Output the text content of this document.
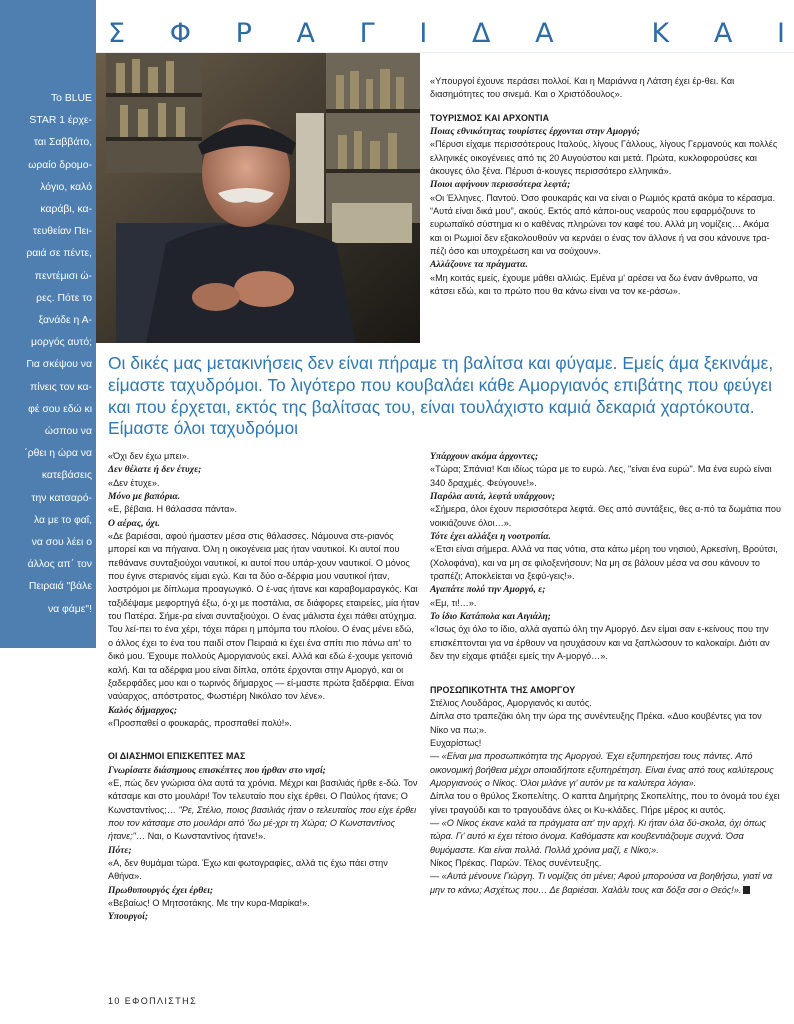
To BLUE
STAR 1 έρχε-
ται Σαββάτο,
ωραίο δρομο-
λόγιο, καλό
καράβι, κα-
τευθείαν Πει-
ραιά σε πέντε,
πεντέμισι ώ-
ρες. Πότε το
ξανάδε η Α-
μοργός αυτό;
Για σκέψου να
πίνεις τον κα-
φέ σου εδώ κι
ώσπου να
΄ρθει η ώρα να
κατεβάσεις
την κατσαρό-
λα με το φαΐ,
να σου λέει ο
άλλος απ΄ τον
Πειραιά "βάλε
να φάμε"!
Σ Φ Ρ Α Γ Ι Δ Α
	Κ Α Ι

«Υπουργοί έχουνε περάσει πολλοί. Και η Μαριάννα η Λάτση έχει έρ-θει. Και διασημότητες του σινεμά. Και ο Χριστόδουλος».

ΤΟΥΡΙΣΜΟΣ ΚΑΙ ΑΡΧΟΝΤΙΑ

Ποιας εθνικότητας τουρίστες έρχονται στην Αμοργό;

«Πέρυσι είχαμε περισσότερους Ιταλούς, λίγους Γάλλους, λίγους Γερμανούς και πολλές ελληνικές οικογένειες από τις 20 Αυγούστου και μετά. Πρώτα, κυκλοφορούσες και άκουγες όλο ξένα. Πέρυσι ά-κουγες περισσότερο ελληνικά».

Ποιοι αφήνουν περισσότερα λεφτά;

«Οι Έλληνες. Παντού. Όσο φουκαράς και να είναι ο Ρωμιός κρατά ακόμα το κέρασμα. “Αυτά είναι δικά μου”, ακούς. Εκτός από κάποι-ους νεαρούς που εφαρμόζουνε το ευρωπαϊκό σύστημα κι ο καθένας πληρώνει τον καφέ του. Αλλά μη νομίζεις… Ακόμα και οι Ρωμιοί δεν εξακολουθούν να κερνάει ο ένας τον άλλονε ή να σου κάνουνε τρα-πέζι όσο και υποχρέωση και να σούχουν».

Αλλάζουνε τα πράγματα.

«Μη κοιτάς εμείς, έχουμε μάθει αλλιώς. Εμένα μ' αρέσει να δω έναν άνθρωπο, να κάτσει εδώ, και το πρώτο που θα κάνω είναι να τον κε-ράσω».

Οι δικές μας μετακινήσεις δεν είναι πήραμε τη βαλίτσα και φύγαμε. Εμείς άμα ξεκινάμε, είμαστε ταχυδρόμοι. Το λιγότερο που κουβαλάει κάθε Αμοργιανός επιβάτης που φεύγει και που έρχεται, εκτός της βαλίτσας του, είναι τουλάχιστο καμιά δεκαριά χαρτόκουτα. Είμαστε όλοι ταχυδρόμοι

«Όχι δεν έχω μπει».

Δεν θέλατε ή δεν έτυχε;

«Δεν έτυχε».

Μόνο με βαπόρια.

«Ε, βέβαια. Η θάλασσα πάντα».

Ο αέρας, όχι.

«Δε βαριέσαι, αφού ήμαστεν μέσα στις θάλασσες. Νάμουνα στε-ριανός μπορεί και να πήγαινα. Όλη η οικογένεια μας ήταν ναυτικοί. Κι αυτοί που πεθάνανε συνταξιούχοι ναυτικοί, κι αυτοί που υπάρ-χουν ναυτικοί. Ο μόνος που έγινε στεριανός είμαι εγώ. Και τα δύο α-δέρφια μου ναυτικοί ήταν, λοστρόμοι με δίπλωμα προαγωγικό. Ο έ-νας ήτανε και καραβομαραγκός. Και ταξιδέψαμε μεφορτηγά έξω, ό-χι με ποστάλια, σε διάφορες εταιρείες, μία ήταν του Πατέρα. Σήμε-ρα είναι συνταξιούχοι. Ο ένας μάλιστα έχει πάθει ατύχημα. Του λεί-πει το ένα χέρι, τόχει πάρει η μπόμπα του πλοίου. Ο ένας μένει εδώ, ο άλλος έχει το ένα του παιδί στον Πειραιά κι έχει ένα σπίτι πιο πάνω απ' το δικό μου. Έχουμε πολλούς Αμοργιανούς εκεί. Αλλά και εδώ έ-χουμε γειτονιά καλή. Και τα αδέρφια μου είναι δίπλα, οπότε έρχονται στην Αμοργό, και οι ξαδερφάδες μου και ο τωρινός δήμαρχος — εί-μαστε πρώτα ξαδέρφια. Είναι ναύαρχος, απόστρατος, Φωστιέρη Νικόλαο τον λένε».

Καλός δήμαρχος;

«Προσπαθεί ο φουκαράς, προσπαθεί πολύ!».

ΟΙ ΔΙΑΣΗΜΟΙ ΕΠΙΣΚΕΠΤΕΣ ΜΑΣ

Γνωρίσατε διάσημους επισκέπτες που ήρθαν στο νησί;

«Ε, πώς δεν γνώρισα όλα αυτά τα χρόνια. Μέχρι και βασιλιάς ήρθε ε-δώ. Τον κάτσαμε και στο μουλάρι! Τον τελευταίο που είχε έρθει. Ο Παύλος ήτανε; Ο Κωνσταντίνος;… "Ρε, Στέλιο, ποιος βασιλιάς ήταν ο τελευταίος που είχε έρθει που τον κάτσαμε στο μουλάρι από 'δω μέ-χρι τη Χώρα; Ο Κωνσταντίνος ήτανε;"… Ναι, ο Κωνσταντίνος ήτανε!».

Πότε;

«Α, δεν θυμάμαι τώρα. Έχω και φωτογραφίες, αλλά τις έχω πάει στην Αθήνα».

Πρωθυπουργός έχει έρθει;

«Βεβαίως! Ο Μητσοτάκης. Με την κυρα-Μαρίκα!».

Υπουργοί;

Υπάρχουν ακόμα άρχοντες;

«Τώρα; Σπάνια! Και ιδίως τώρα με το ευρώ. Λες, "είναι ένα ευρώ". Μα ένα ευρώ είναι 340 δραχμές. Φεύγουνε!».

Παρόλα αυτά, λεφτά υπάρχουν;

«Σήμερα, όλοι έχουν περισσότερα λεφτά. Θες από συντάξεις, θες α-πό τα δωμάτια που νοικιάζουνε όλοι…».

Τότε έχει αλλάξει η νοοτροπία.

«Έτσι είναι σήμερα. Αλλά να πας νότια, στα κάτω μέρη του νησιού, Αρκεσίνη, Βρούτσι, (Χολοφάνα), και να μη σε φιλοξενήσουν; Να μη σε βάλουν μέσα να σου κάνουν το τραπέζι; Αποκλείεται να ξεφύ-γεις!».

Αγαπάτε πολύ την Αμοργό, ε;

«Εμ, τι!…».

Το ίδιο Κατάπολα και Αιγιάλη;

«Ίσως όχι όλο το ίδιο, αλλά αγαπώ όλη την Αμοργό. Δεν είμαι σαν ε-κείνους που την επισκέπτονται για να έρθουν να ησυχάσουν και να ξαπλώσουν το καλοκαίρι. Διότι αν δεν την είχαμε φτιάξει εμείς την Α-μοργό…».

ΠΡΟΣΩΠΙΚΟΤΗΤΑ ΤΗΣ ΑΜΟΡΓΟΥ

Στέλιος Λουδάρος, Αμοργιανός κι αυτός.

Δίπλα στο τραπεζάκι όλη την ώρα της συνέντευξης Πρέκα. «Δυο κουβέντες για τον Νίκο να πω;».

Ευχαρίστως!

— «Είναι μια προσωπικότητα της Αμοργού. Έχει εξυπηρετήσει τους πάντες. Από οικονομική βοήθεια μέχρι οποιαδήποτε εξυπηρέτηση. Είναι ένας από τους καλύτερους Αμοργιανούς ο Νίκος. Όλοι μιλάνε γι' αυτόν με τα καλύτερα λόγια».

Δίπλα του ο θρύλος Σκοπελίτης. Ο καπτα Δημήτρης Σκοπελίτης, που το όνομά του έχει γίνει τραγούδι και το τραγουδάνε όλες οι Κυ-κλάδες. Πήρε μέρος κι αυτός.

— «Ο Νίκος έκανε καλά τα πράγματα απ' την αρχή. Κι ήταν όλα δύ-σκολα, όχι όπως τώρα. Γι' αυτό κι έχει τέτοιο όνομα. Καθόμαστε και κουβεντιάζουμε συχνά. Όσα θυμόμαστε. Και είναι πολλά. Πολλά χρόνια μαζί, ε Νίκο;».

Νίκος Πρέκας. Παρών. Τέλος συνέντευξης.

— «Αυτά μένουνε Γιώργη. Τι νομίζεις ότι μένει; Αφού μπορούσα να βοηθήσω, γιατί να μην το κάνω; Ασχέτως που… Δε βαριέσαι. Χαλάλι τους και δόξα σοι ο Θεός!».

10 ΕΦΟΠΛΙΣΤΗΣ
